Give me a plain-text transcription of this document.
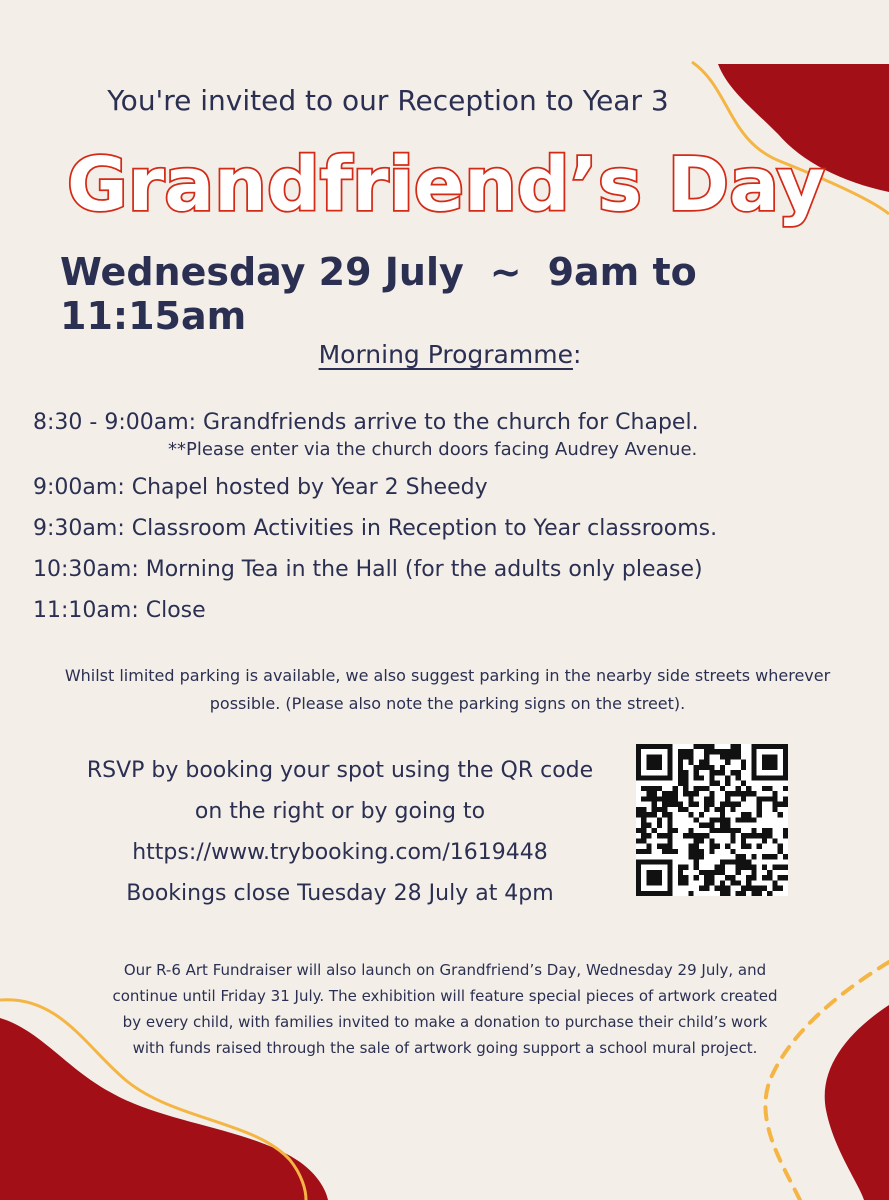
You're invited to our Reception to Year 3
Grandfriend’s Day
Wednesday 29 July ~ 9am to 11:15am
Morning Programme:
8:30 - 9:00am: Grandfriends arrive to the church for Chapel.
**Please enter via the church doors facing Audrey Avenue.
9:00am: Chapel hosted by Year 2 Sheedy
9:30am: Classroom Activities in Reception to Year classrooms.
10:30am: Morning Tea in the Hall (for the adults only please)
11:10am: Close
Whilst limited parking is available, we also suggest parking in the nearby side streets wherever
possible. (Please also note the parking signs on the street).
RSVP by booking your spot using the QR code
on the right or by going to
https://www.trybooking.com/1619448
Bookings close Tuesday 28 July at 4pm
Our R-6 Art Fundraiser will also launch on Grandfriend’s Day, Wednesday 29 July, and
continue until Friday 31 July. The exhibition will feature special pieces of artwork created
by every child, with families invited to make a donation to purchase their child’s work
with funds raised through the sale of artwork going support a school mural project.
